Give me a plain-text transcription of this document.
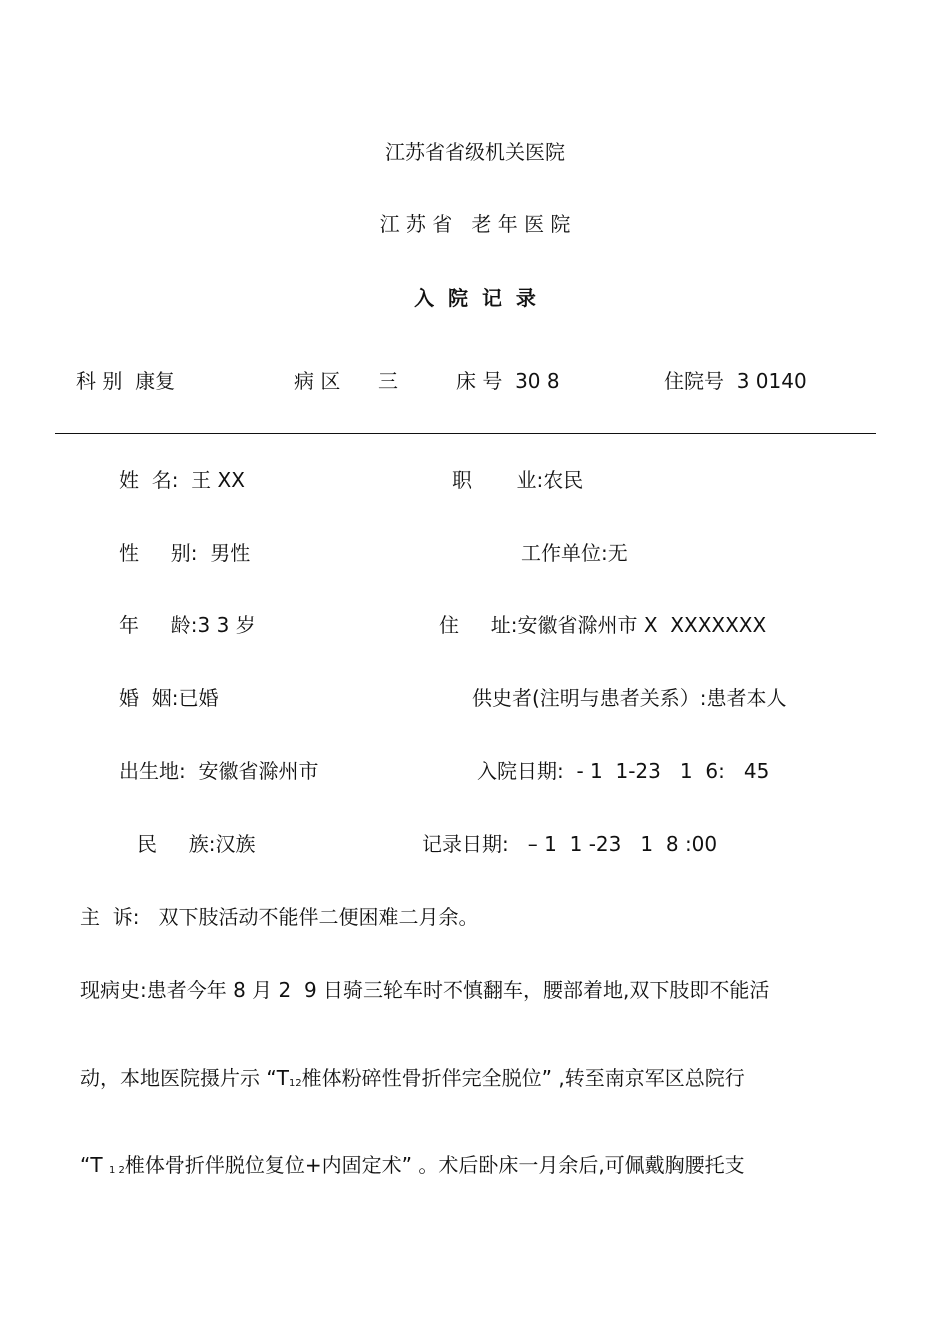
江苏省省级机关医院
江 苏 省   老 年 医 院
入  院  记  录
科 别  康复	病 区 三	床 号  30 8	住院号  3 0140
姓  名:  王 XX	职       业:农民
性     别:  男性	工作单位:无
年     龄:3 3 岁	住     址:安徽省滁州市 X  XXXXXXX
婚  姻:已婚	供史者(注明与患者关系）:患者本人
出生地:  安徽省滁州市	入院日期:  - 1  1-23   1  6:   45
民     族:汉族	记录日期:   – 1  1 -23   1  8 :00
主  诉:   双下肢活动不能伴二便困难二月余。
现病史:患者今年 8 月 2  9 日骑三轮车时不慎翻车，腰部着地,双下肢即不能活
动，本地医院摄片示 “$T_{12}$椎体粉碎性骨折伴完全脱位” ,转至南京军区总院行
“T $_{1 2}$椎体骨折伴脱位复位+内固定术” 。术后卧床一月余后,可佩戴胸腰托支
